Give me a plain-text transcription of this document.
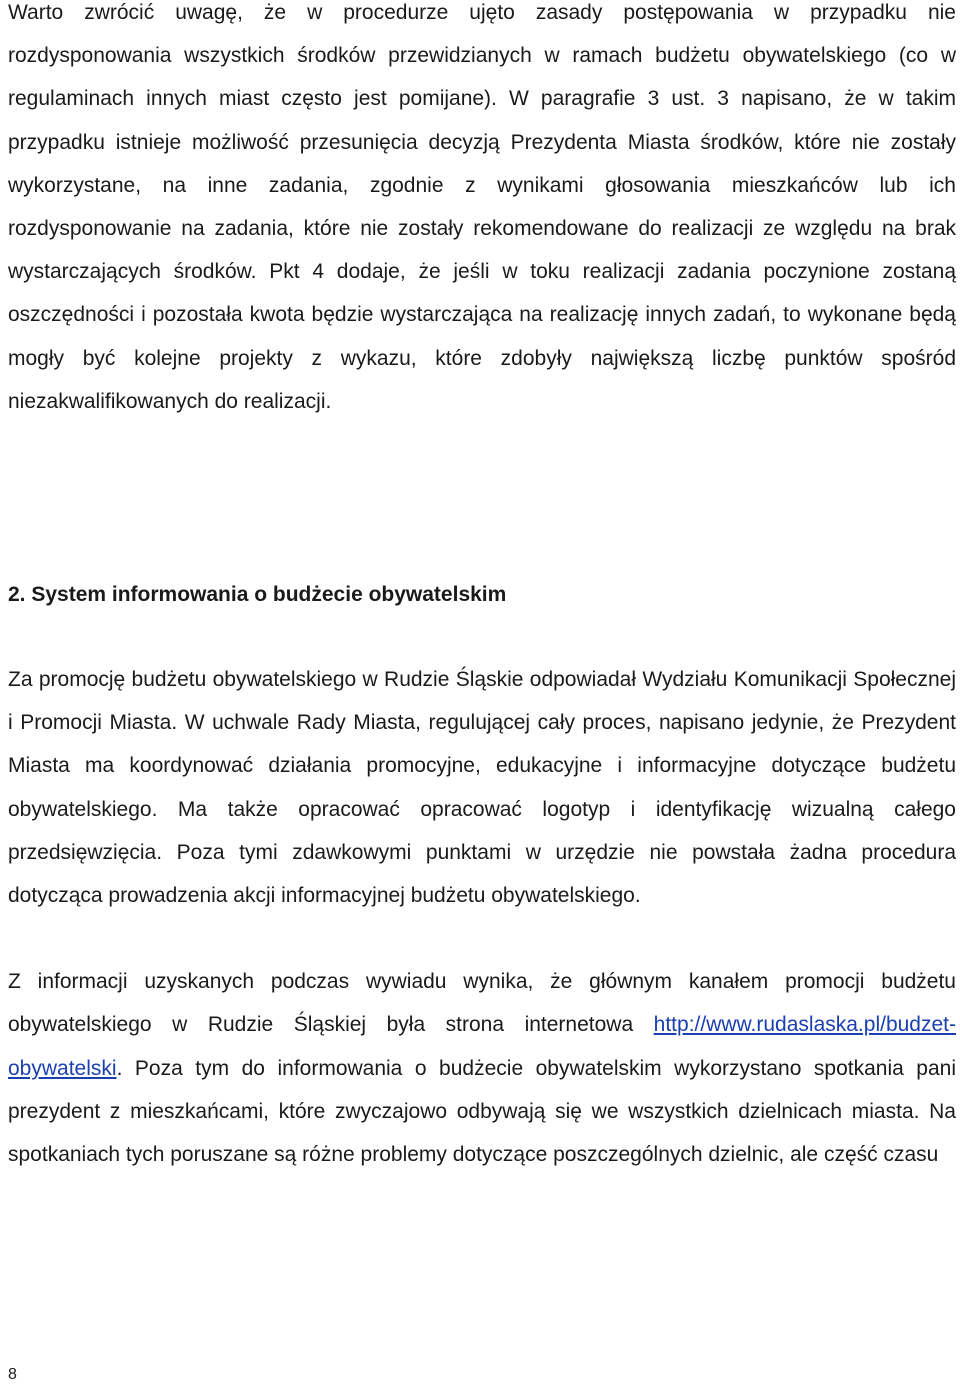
Warto zwrócić uwagę, że w procedurze ujęto zasady postępowania w przypadku nie rozdysponowania wszystkich środków przewidzianych w ramach budżetu obywatelskiego (co w regulaminach innych miast często jest pomijane). W paragrafie 3 ust. 3 napisano, że w takim przypadku istnieje możliwość przesunięcia decyzją Prezydenta Miasta środków, które nie zostały wykorzystane, na inne zadania, zgodnie z wynikami głosowania mieszkańców lub ich rozdysponowanie na zadania, które nie zostały rekomendowane do realizacji ze względu na brak wystarczających środków. Pkt 4 dodaje, że jeśli w toku realizacji zadania poczynione zostaną oszczędności i pozostała kwota będzie wystarczająca na realizację innych zadań, to wykonane będą mogły być kolejne projekty z wykazu, które zdobyły największą liczbę punktów spośród niezakwalifikowanych do realizacji.

2. System informowania o budżecie obywatelskim

Za promocję budżetu obywatelskiego w Rudzie Śląskie odpowiadał Wydziału Komunikacji Społecznej i Promocji Miasta. W uchwale Rady Miasta, regulującej cały proces, napisano jedynie, że Prezydent Miasta ma koordynować działania promocyjne, edukacyjne i informacyjne dotyczące budżetu obywatelskiego. Ma także opracować opracować logotyp i identyfikację wizualną całego przedsięwzięcia. Poza tymi zdawkowymi punktami w urzędzie nie powstała żadna procedura dotycząca prowadzenia akcji informacyjnej budżetu obywatelskiego.

Z informacji uzyskanych podczas wywiadu wynika, że głównym kanałem promocji budżetu obywatelskiego w Rudzie Śląskiej była strona internetowa http://www.rudaslaska.pl/budzet-obywatelski. Poza tym do informowania o budżecie obywatelskim wykorzystano spotkania pani prezydent z mieszkańcami, które zwyczajowo odbywają się we wszystkich dzielnicach miasta. Na spotkaniach tych poruszane są różne problemy dotyczące poszczególnych dzielnic, ale część czasu

8
